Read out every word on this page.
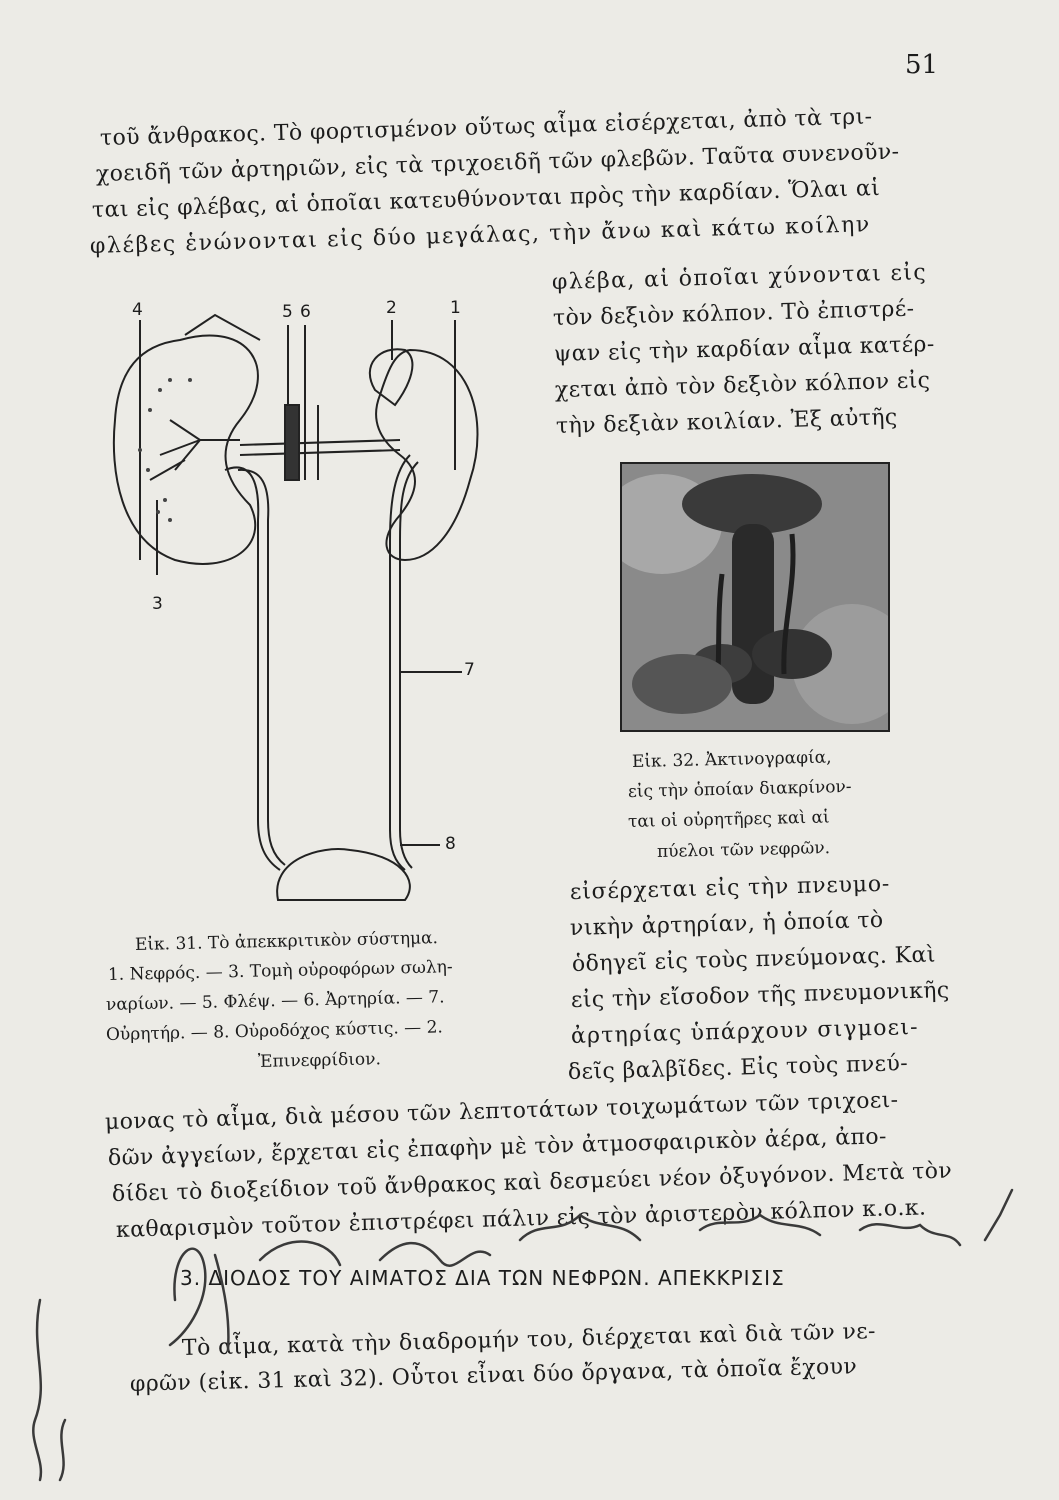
51
τοῦ ἄνθρακος. Τὸ φορτισμένον οὕτως αἷμα εἰσέρχεται, ἀπὸ τὰ τρι-
χοειδῆ τῶν ἀρτηριῶν, εἰς τὰ τριχοειδῆ τῶν φλεβῶν. Ταῦτα συνενοῦν-
ται εἰς φλέβας, αἱ ὁποῖαι κατευθύνονται πρὸς τὴν καρδίαν. Ὅλαι αἱ
φλέβες ἑνώνονται εἰς δύο μεγάλας, τὴν ἄνω καὶ κάτω κοίλην
φλέβα, αἱ ὁποῖαι χύνονται εἰς
τὸν δεξιὸν κόλπον. Τὸ ἐπιστρέ-
ψαν εἰς τὴν καρδίαν αἷμα κατέρ-
χεται ἀπὸ τὸν δεξιὸν κόλπον εἰς
τὴν δεξιὰν κοιλίαν. Ἐξ αὐτῆς
4	5 6	2	1
3
7
8
Εἰκ. 31. Τὸ ἀπεκκριτικὸν σύστημα.
1. Νεφρός. — 3. Τομὴ οὐροφόρων σωλη-
ναρίων. — 5. Φλέψ. — 6. Ἀρτηρία. — 7.
Οὐρητήρ. — 8. Οὐροδόχος κύστις. — 2.
Ἐπινεφρίδιον.
Εἰκ. 32. Ἀκτινογραφία,
εἰς τὴν ὁποίαν διακρίνον-
ται οἱ οὐρητῆρες καὶ αἱ
πύελοι τῶν νεφρῶν.
εἰσέρχεται εἰς τὴν πνευμο-
νικὴν ἀρτηρίαν, ἡ ὁποία τὸ
ὁδηγεῖ εἰς τοὺς πνεύμονας. Καὶ
εἰς τὴν εἴσοδον τῆς πνευμονικῆς
ἀρτηρίας ὑπάρχουν σιγμοει-
δεῖς βαλβῖδες. Εἰς τοὺς πνεύ-
μονας τὸ αἷμα, διὰ μέσου τῶν λεπτοτάτων τοιχωμάτων τῶν τριχοει-
δῶν ἀγγείων, ἔρχεται εἰς ἐπαφὴν μὲ τὸν ἀτμοσφαιρικὸν ἀέρα, ἀπο-
δίδει τὸ διοξείδιον τοῦ ἄνθρακος καὶ δεσμεύει νέον ὀξυγόνον. Μετὰ τὸν
καθαρισμὸν τοῦτον ἐπιστρέφει πάλιν εἰς τὸν ἀριστερὸν κόλπον κ.ο.κ.
3. ΔΙΟΔΟΣ ΤΟΥ ΑΙΜΑΤΟΣ ΔΙΑ ΤΩΝ ΝΕΦΡΩΝ. ΑΠΕΚΚΡΙΣΙΣ
Τὸ αἷμα, κατὰ τὴν διαδρομήν του, διέρχεται καὶ διὰ τῶν νε-
φρῶν (εἰκ. 31 καὶ 32). Οὗτοι εἶναι δύο ὄργανα, τὰ ὁποῖα ἔχουν
